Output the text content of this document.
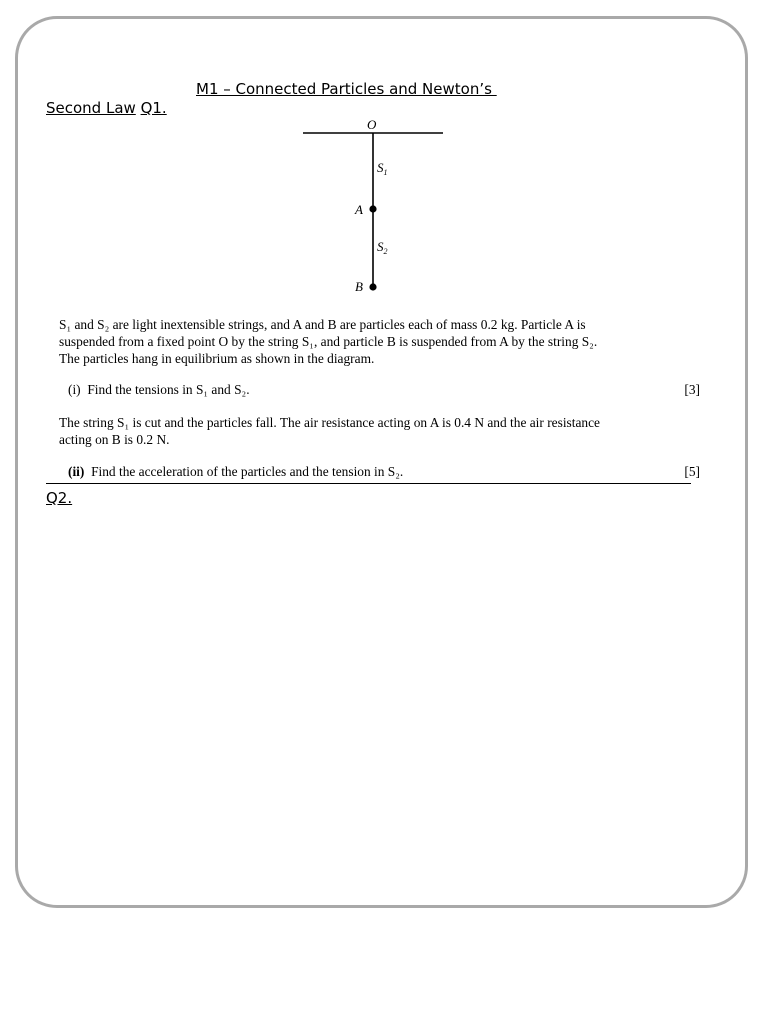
M1 – Connected Particles and Newton’s
Second Law Q1.
O
$S_1$
A
$S_2$
B
S₁ and S₂ are light inextensible strings, and A and B are particles each of mass 0.2 kg. Particle A is
suspended from a fixed point O by the string S₁, and particle B is suspended from A by the string S₂.
The particles hang in equilibrium as shown in the diagram.
(i) Find the tensions in S₁ and S₂.	[3]
The string S₁ is cut and the particles fall. The air resistance acting on A is 0.4 N and the air resistance
acting on B is 0.2 N.
(ii) Find the acceleration of the particles and the tension in S₂.	[5]
Q2.
